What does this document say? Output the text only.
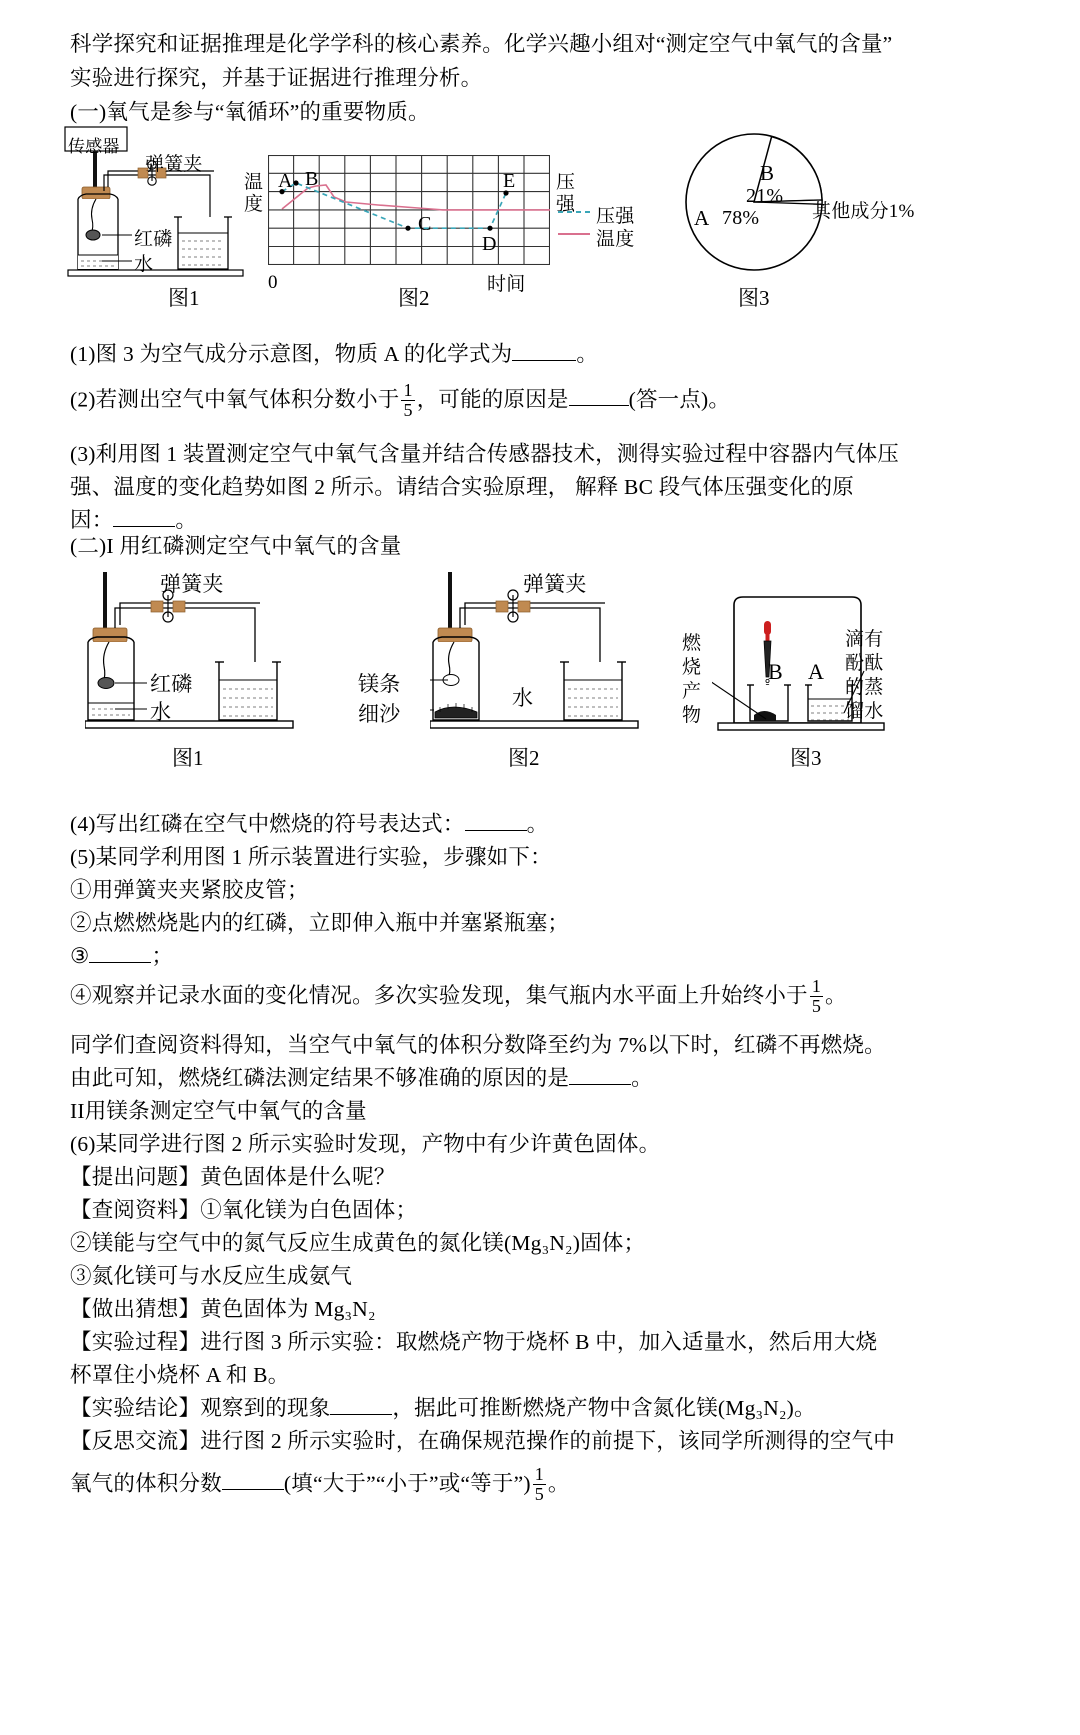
科学探究和证据推理是化学学科的核心素养。化学兴趣小组对“测定空气中氧气的含量”
实验进行探究，并基于证据进行推理分析。
(一)氧气是参与“氧循环”的重要物质。
传感器
弹簧夹
红磷
水
图1
温度
A B
C
D
E 压强
0	时间
压强
温度
图2
B
21%
A 78%	其他成分1%
图3
(1)图 3 为空气成分示意图，物质 A 的化学式为	。
(2)若测出空气中氧气体积分数小于 $\frac{1}{5}$ ，可能的原因是	(答一点)。
(3)利用图 1 装置测定空气中氧气含量并结合传感器技术，测得实验过程中容器内气体压
强、温度的变化趋势如图 2 所示。请结合实验原理， 解释 BC 段气体压强变化的原
因：	。
(二)I 用红磷测定空气中氧气的含量
弹簧夹
红磷
水
图1
弹簧夹
镁条
细沙
水
图2
燃烧产物
B A
滴有酚酞的蒸馏水
图3
(4)写出红磷在空气中燃烧的符号表达式：	。
(5)某同学利用图 1 所示装置进行实验，步骤如下：
①用弹簧夹夹紧胶皮管；
②点燃燃烧匙内的红磷，立即伸入瓶中并塞紧瓶塞；
③	；
④观察并记录水面的变化情况。多次实验发现，集气瓶内水平面上升始终小于 $\frac{1}{5}$ 。
同学们查阅资料得知，当空气中氧气的体积分数降至约为 7%以下时，红磷不再燃烧。
由此可知，燃烧红磷法测定结果不够准确的原因的是	。
II用镁条测定空气中氧气的含量
(6)某同学进行图 2 所示实验时发现，产物中有少许黄色固体。
【提出问题】黄色固体是什么呢？
【查阅资料】①氧化镁为白色固体；
②镁能与空气中的氮气反应生成黄色的氮化镁(Mg₃N₂)固体；
③氮化镁可与水反应生成氨气
【做出猜想】黄色固体为 Mg₃N₂
【实验过程】进行图 3 所示实验：取燃烧产物于烧杯 B 中，加入适量水，然后用大烧
杯罩住小烧杯 A 和 B。
【实验结论】观察到的现象	，据此可推断燃烧产物中含氮化镁(Mg₃N₂)。
【反思交流】进行图 2 所示实验时，在确保规范操作的前提下，该同学所测得的空气中
氧气的体积分数	(填“大于”“小于”或“等于”) $\frac{1}{5}$ 。
